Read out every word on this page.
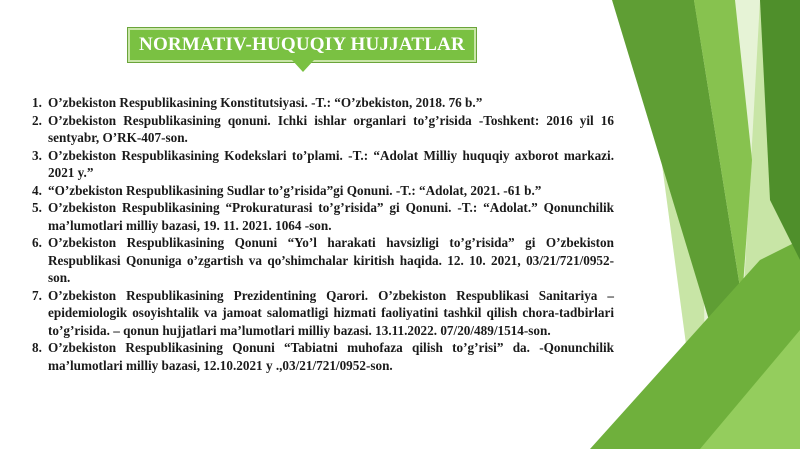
NORMATIV-HUQUQIY HUJJATLAR
1. O’zbekiston Respublikasining Konstitutsiyasi. -T.: “O’zbekiston, 2018. 76 b.”
2. O’zbekiston Respublikasining qonuni. Ichki ishlar organlari to’g’risida -Toshkent: 2016 yil 16 sentyabr, O’RK-407-son.
3. O’zbekiston Respublikasining Kodekslari to’plami. -T.: “Adolat Milliy huquqiy axborot markazi. 2021 y.”
4. “O’zbekiston Respublikasining Sudlar to’g’risida”gi Qonuni. -T.: “Adolat, 2021. -61 b.”
5. O’zbekiston Respublikasining “Prokuraturasi to’g’risida” gi Qonuni. -T.: “Adolat.” Qonunchilik ma’lumotlari milliy bazasi, 19. 11. 2021. 1064 -son.
6. O’zbekiston Respublikasining Qonuni “Yo’l harakati havsizligi to’g’risida” gi O’zbekiston Respublikasi Qonuniga o’zgartish va qo’shimchalar kiritish haqida. 12. 10. 2021, 03/21/721/0952-son.
7. O’zbekiston Respublikasining Prezidentining Qarori. O’zbekiston Respublikasi Sanitariya – epidemiologik osoyishtalik va jamoat salomatligi hizmati faoliyatini tashkil qilish chora-tadbirlari to’g’risida. – qonun hujjatlari ma’lumotlari milliy bazasi. 13.11.2022. 07/20/489/1514-son.
8. O’zbekiston Respublikasining Qonuni “Tabiatni muhofaza qilish to’g’risi” da. -Qonunchilik ma’lumotlari milliy bazasi, 12.10.2021 y .,03/21/721/0952-son.
